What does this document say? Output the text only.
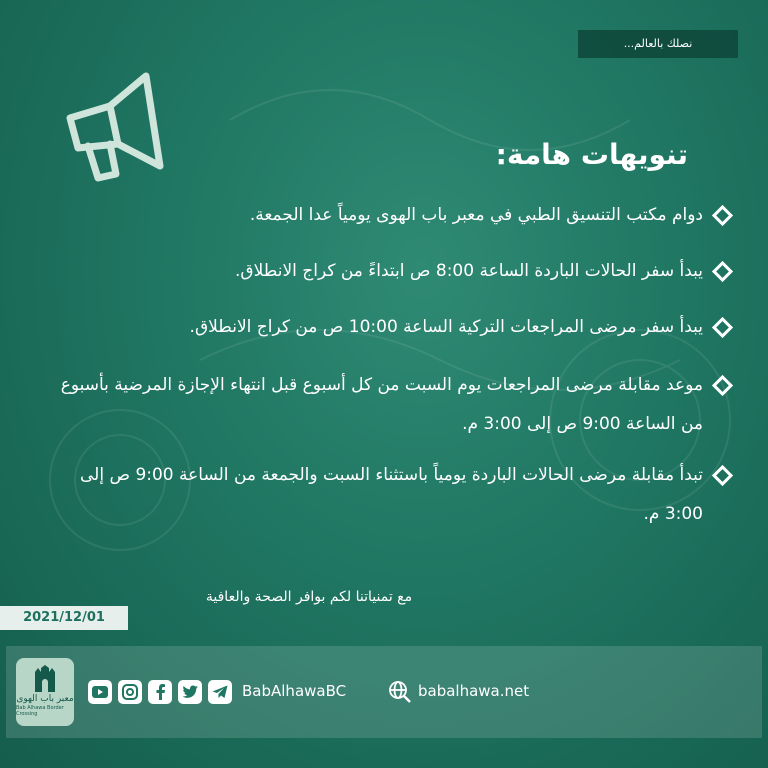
نصلك بالعالم...
تنويهات هامة:
دوام مكتب التنسيق الطبي في معبر باب الهوى يومياً عدا الجمعة.
يبدأ سفر الحالات الباردة الساعة 8:00 ص ابتداءً من كراج الانطلاق.
يبدأ سفر مرضى المراجعات التركية الساعة 10:00 ص من كراج الانطلاق.
موعد مقابلة مرضى المراجعات يوم السبت من كل أسبوع قبل انتهاء الإجازة المرضية بأسبوع من الساعة 9:00 ص إلى 3:00 م.
تبدأ مقابلة مرضى الحالات الباردة يومياً باستثناء السبت والجمعة من الساعة 9:00 ص إلى 3:00 م.
مع تمنياتنا لكم بوافر الصحة والعافية
2021/12/01
معبر باب الهوى
Bab Alhawa Border Crossing
BabAlhawaBC	babalhawa.net
